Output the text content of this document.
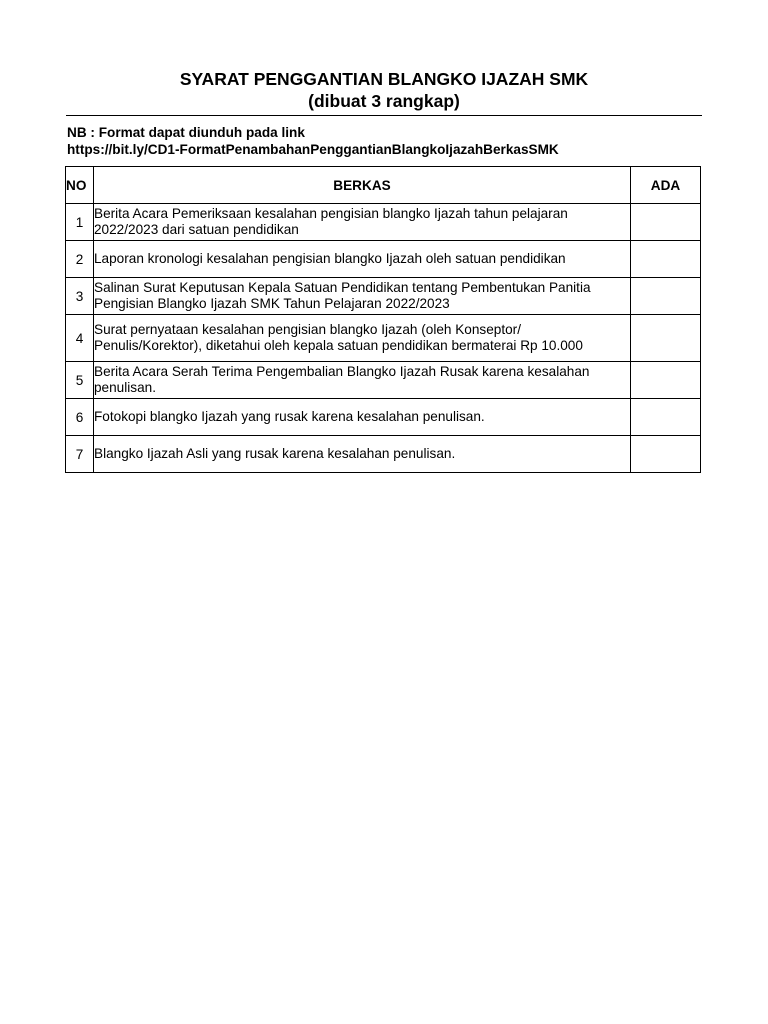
SYARAT PENGGANTIAN BLANGKO IJAZAH SMK
(dibuat 3 rangkap)
NB : Format dapat diunduh pada link
https://bit.ly/CD1-FormatPenambahanPenggantianBlangkoIjazahBerkasSMK
NO	BERKAS	ADA
1	Berita Acara Pemeriksaan kesalahan pengisian blangko Ijazah tahun pelajaran 2022/2023 dari satuan pendidikan	
2	Laporan kronologi kesalahan pengisian blangko Ijazah oleh satuan pendidikan	
3	Salinan Surat Keputusan Kepala Satuan Pendidikan tentang Pembentukan Panitia Pengisian Blangko Ijazah SMK Tahun Pelajaran 2022/2023	
4	Surat pernyataan kesalahan pengisian blangko Ijazah (oleh Konseptor/ Penulis/Korektor), diketahui oleh kepala satuan pendidikan bermaterai Rp 10.000	
5	Berita Acara Serah Terima Pengembalian Blangko Ijazah Rusak karena kesalahan penulisan.	
6	Fotokopi blangko Ijazah yang rusak karena kesalahan penulisan.	
7	Blangko Ijazah Asli yang rusak karena kesalahan penulisan.	
